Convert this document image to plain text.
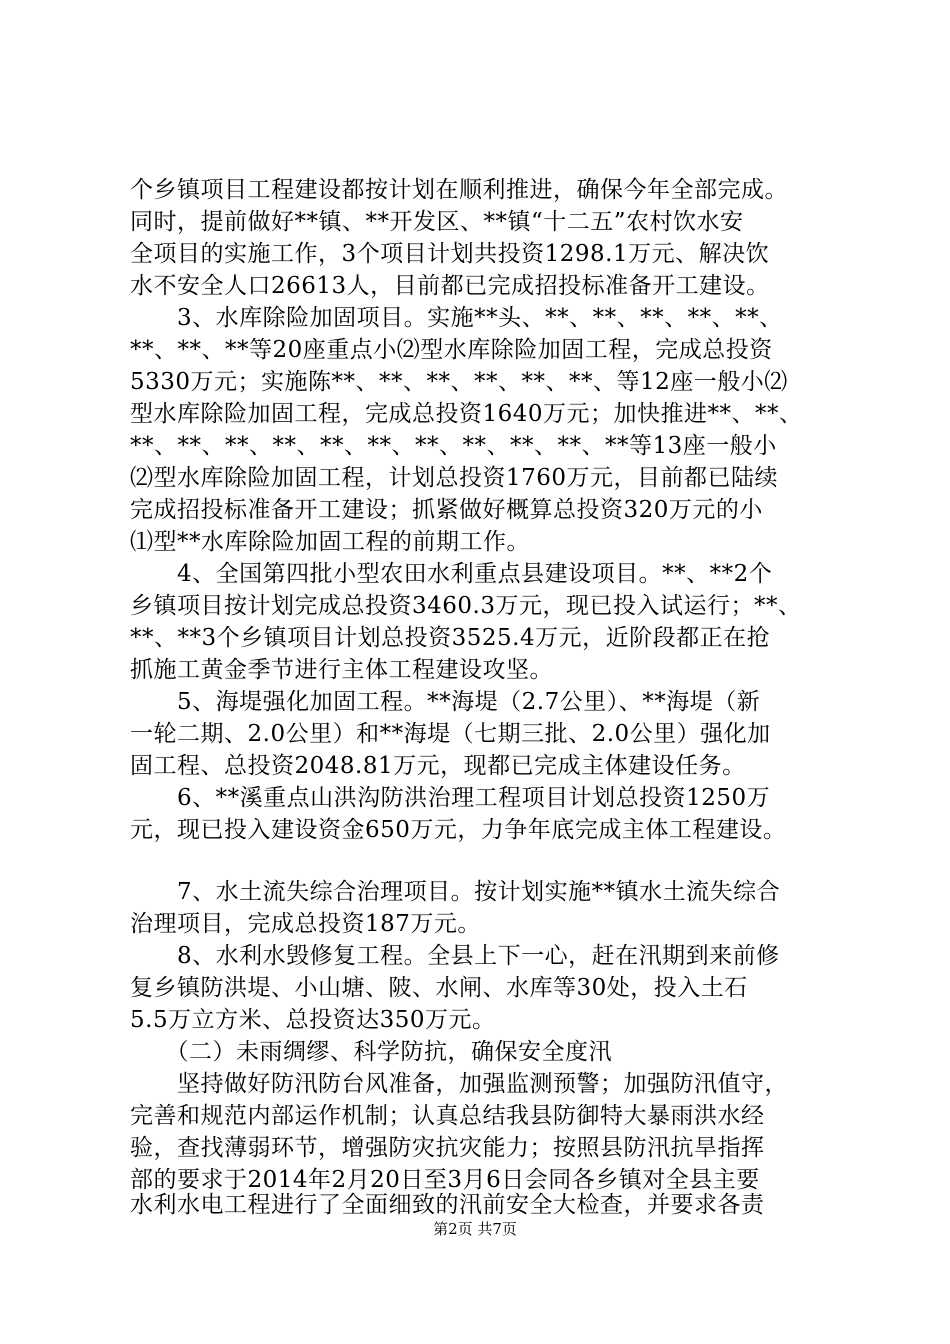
个乡镇项目工程建设都按计划在顺利推进，确保今年全部完成。
同时，提前做好**镇、**开发区、**镇“十二五”农村饮水安
全项目的实施工作，3个项目计划共投资1298.1万元、解决饮
水不安全人口26613人，目前都已完成招投标准备开工建设。
　　3、水库除险加固项目。实施**头、**、**、**、**、**、
**、**、**等20座重点小⑵型水库除险加固工程，完成总投资
5330万元；实施陈**、**、**、**、**、**、等12座一般小⑵
型水库除险加固工程，完成总投资1640万元；加快推进**、**、
**、**、**、**、**、**、**、**、**、**、**等13座一般小
⑵型水库除险加固工程，计划总投资1760万元，目前都已陆续
完成招投标准备开工建设；抓紧做好概算总投资320万元的小
⑴型**水库除险加固工程的前期工作。
　　4、全国第四批小型农田水利重点县建设项目。**、**2个
乡镇项目按计划完成总投资3460.3万元，现已投入试运行；**、
**、**3个乡镇项目计划总投资3525.4万元，近阶段都正在抢
抓施工黄金季节进行主体工程建设攻坚。
　　5、海堤强化加固工程。**海堤（2.7公里）、**海堤（新
一轮二期、2.0公里）和**海堤（七期三批、2.0公里）强化加
固工程、总投资2048.81万元，现都已完成主体建设任务。
　　6、**溪重点山洪沟防洪治理工程项目计划总投资1250万
元，现已投入建设资金650万元，力争年底完成主体工程建设。
　　7、水土流失综合治理项目。按计划实施**镇水土流失综合
治理项目，完成总投资187万元。
　　8、水利水毁修复工程。全县上下一心，赶在汛期到来前修
复乡镇防洪堤、小山塘、陂、水闸、水库等30处，投入土石
5.5万立方米、总投资达350万元。
　　（二）未雨绸缪、科学防抗，确保安全度汛
　　坚持做好防汛防台风准备，加强监测预警；加强防汛值守，
完善和规范内部运作机制；认真总结我县防御特大暴雨洪水经
验，查找薄弱环节，增强防灾抗灾能力；按照县防汛抗旱指挥
部的要求于2014年2月20日至3月6日会同各乡镇对全县主要
水利水电工程进行了全面细致的汛前安全大检查，并要求各责
第2页 共7页
